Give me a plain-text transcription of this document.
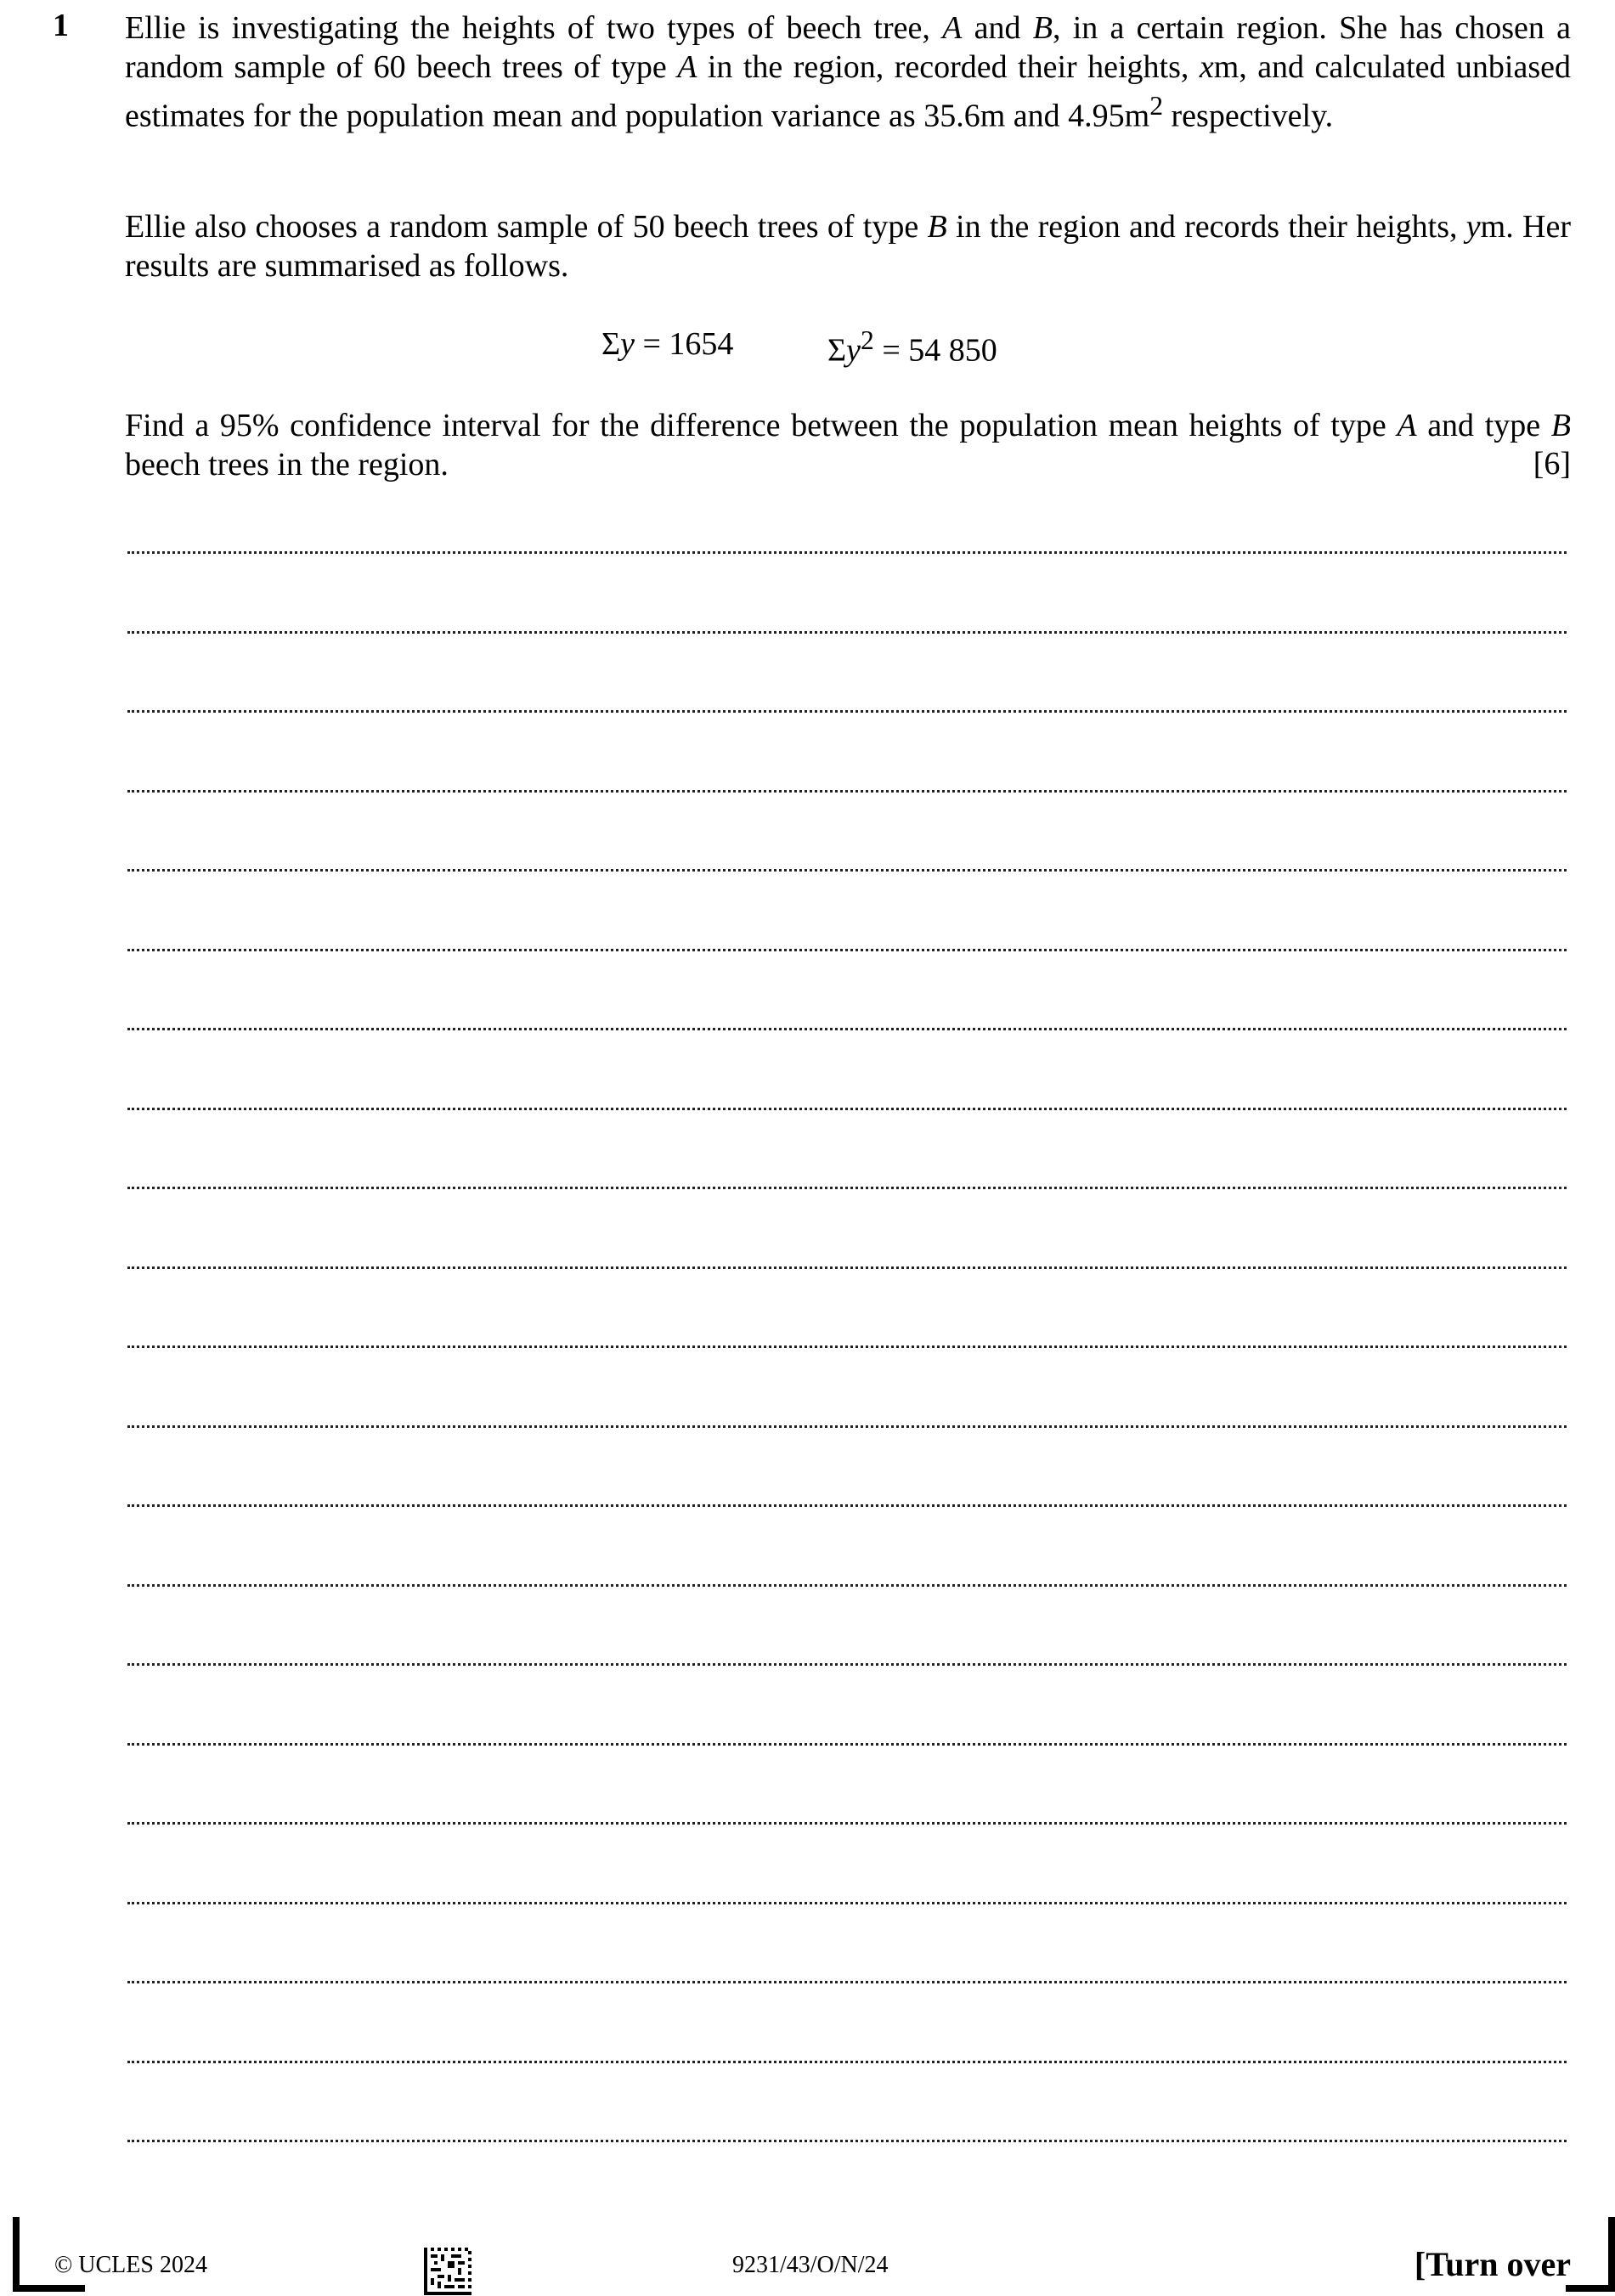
1 Ellie is investigating the heights of two types of beech tree, A and B, in a certain region. She has chosen a random sample of 60 beech trees of type A in the region, recorded their heights, xm, and calculated unbiased estimates for the population mean and population variance as 35.6m and $4.95m^2$ respectively.
Ellie also chooses a random sample of 50 beech trees of type B in the region and records their heights, ym. Her results are summarised as follows.
Σy = 1654	$\Sigma y^2 = 54$ 850
Find a 95% confidence interval for the difference between the population mean heights of type A and type B beech trees in the region.	[6]
© UCLES 2024	9231/43/O/N/24	[Turn over
